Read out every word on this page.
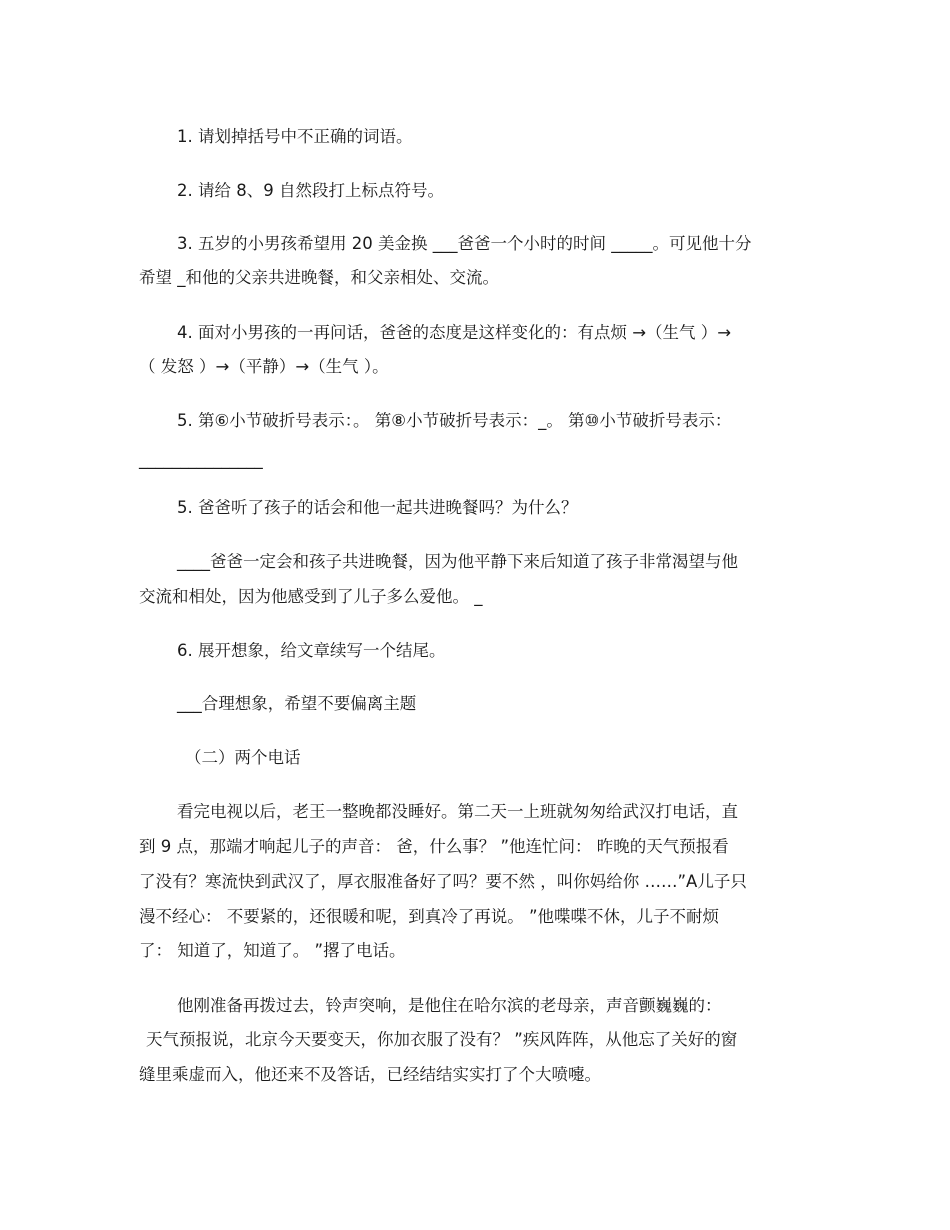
1. 请划掉括号中不正确的词语。
2. 请给 8、9 自然段打上标点符号。
3. 五岁的小男孩希望用 20 美金换 ___爸爸一个小时的时间 _____。可见他十分
希望 _和他的父亲共进晚餐，和父亲相处、交流。
4. 面对小男孩的一再问话，爸爸的态度是这样变化的：有点烦 →（生气 ）→
（ 发怒 ）→（平静）→（生气 ）。
5. 第⑥小节破折号表示：。 第⑧小节破折号表示：_。 第⑩小节破折号表示：
_______________
5. 爸爸听了孩子的话会和他一起共进晚餐吗？为什么？
____爸爸一定会和孩子共进晚餐，因为他平静下来后知道了孩子非常渴望与他
交流和相处，因为他感受到了儿子多么爱他。 _
6. 展开想象，给文章续写一个结尾。
___合理想象，希望不要偏离主题
（二）两个电话
看完电视以后，老王一整晚都没睡好。第二天一上班就匆匆给武汉打电话，直
到 9 点，那端才响起儿子的声音： 爸，什么事？ ”他连忙问： 昨晚的天气预报看
了没有？寒流快到武汉了，厚衣服准备好了吗？要不然 ，叫你妈给你 ……”A儿子只
漫不经心： 不要紧的，还很暖和呢，到真冷了再说。 ”他喋喋不休，儿子不耐烦
了： 知道了，知道了。 ”撂了电话。
他刚准备再拨过去，铃声突响，是他住在哈尔滨的老母亲，声音颤巍巍的：
天气预报说，北京今天要变天，你加衣服了没有？ ”疾风阵阵，从他忘了关好的窗
缝里乘虚而入，他还来不及答话，已经结结实实打了个大喷嚏。
